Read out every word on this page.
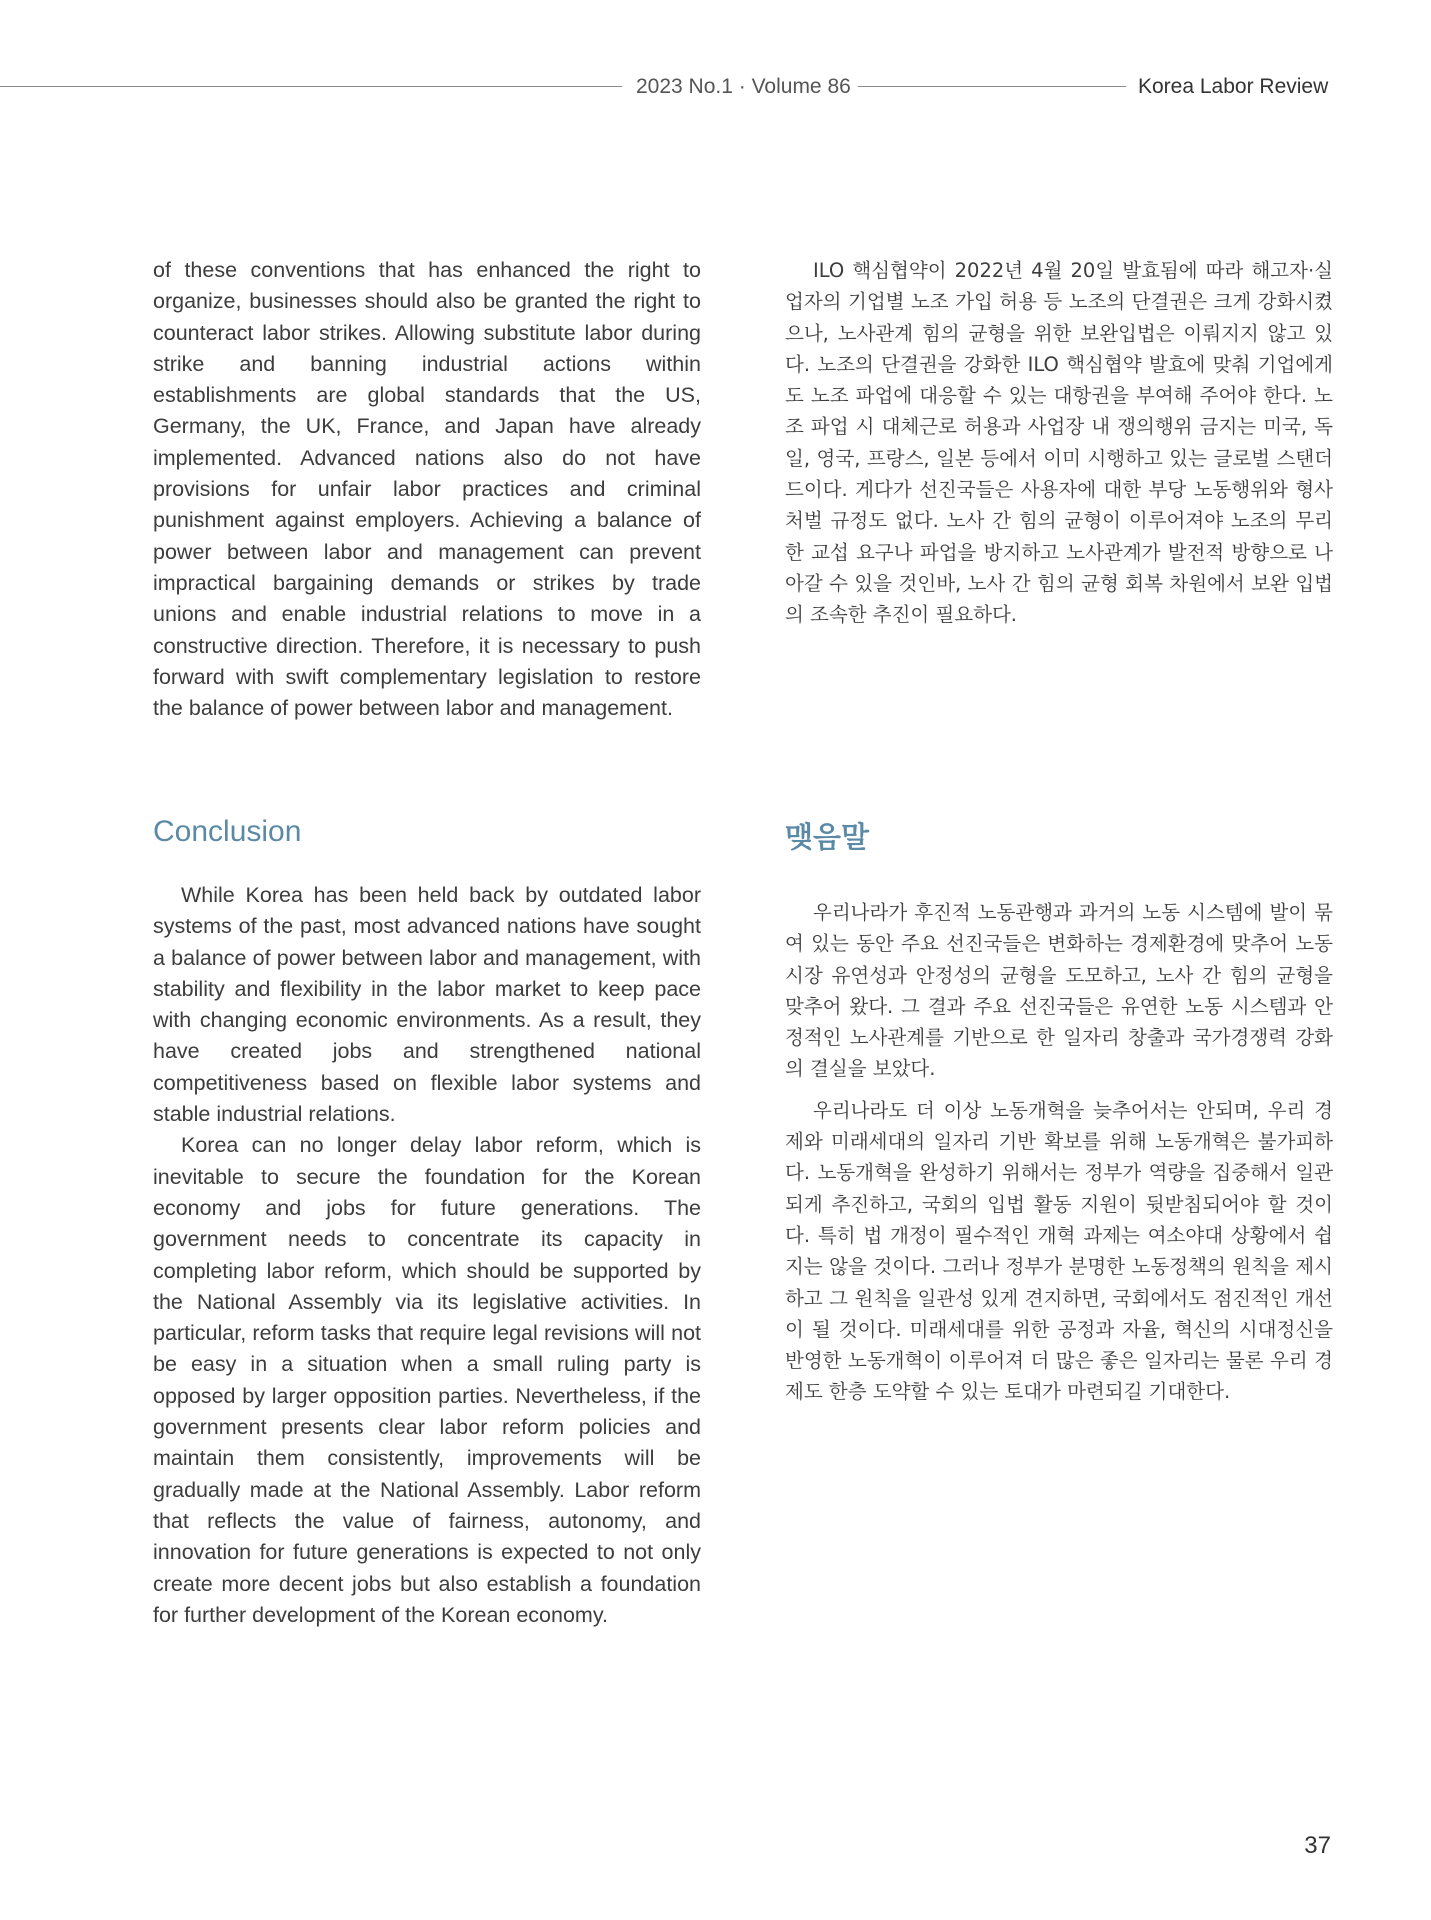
2023 No.1 · Volume 86	Korea Labor Review

of these conventions that has enhanced the right to organize, businesses should also be granted the right to counteract labor strikes. Allowing substitute labor during strike and banning industrial actions within establishments are global standards that the US, Germany, the UK, France, and Japan have already implemented. Advanced nations also do not have provisions for unfair labor practices and criminal punishment against employers. Achieving a balance of power between labor and management can prevent impractical bargaining demands or strikes by trade unions and enable industrial relations to move in a constructive direction. Therefore, it is necessary to push forward with swift complementary legislation to restore the balance of power between labor and management.

ILO 핵심협약이 2022년 4월 20일 발효됨에 따라 해고자·실업자의 기업별 노조 가입 허용 등 노조의 단결권은 크게 강화시켰으나, 노사관계 힘의 균형을 위한 보완입법은 이뤄지지 않고 있다. 노조의 단결권을 강화한 ILO 핵심협약 발효에 맞춰 기업에게도 노조 파업에 대응할 수 있는 대항권을 부여해 주어야 한다. 노조 파업 시 대체근로 허용과 사업장 내 쟁의행위 금지는 미국, 독일, 영국, 프랑스, 일본 등에서 이미 시행하고 있는 글로벌 스탠더드이다. 게다가 선진국들은 사용자에 대한 부당 노동행위와 형사처벌 규정도 없다. 노사 간 힘의 균형이 이루어져야 노조의 무리한 교섭 요구나 파업을 방지하고 노사관계가 발전적 방향으로 나아갈 수 있을 것인바, 노사 간 힘의 균형 회복 차원에서 보완 입법의 조속한 추진이 필요하다.

Conclusion	맺음말

While Korea has been held back by outdated labor systems of the past, most advanced nations have sought a balance of power between labor and management, with stability and flexibility in the labor market to keep pace with changing economic environments. As a result, they have created jobs and strengthened national competitiveness based on flexible labor systems and stable industrial relations.

Korea can no longer delay labor reform, which is inevitable to secure the foundation for the Korean economy and jobs for future generations. The government needs to concentrate its capacity in completing labor reform, which should be supported by the National Assembly via its legislative activities. In particular, reform tasks that require legal revisions will not be easy in a situation when a small ruling party is opposed by larger opposition parties. Nevertheless, if the government presents clear labor reform policies and maintain them consistently, improvements will be gradually made at the National Assembly. Labor reform that reflects the value of fairness, autonomy, and innovation for future generations is expected to not only create more decent jobs but also establish a foundation for further development of the Korean economy.

우리나라가 후진적 노동관행과 과거의 노동 시스템에 발이 묶여 있는 동안 주요 선진국들은 변화하는 경제환경에 맞추어 노동시장 유연성과 안정성의 균형을 도모하고, 노사 간 힘의 균형을 맞추어 왔다. 그 결과 주요 선진국들은 유연한 노동 시스템과 안정적인 노사관계를 기반으로 한 일자리 창출과 국가경쟁력 강화의 결실을 보았다.

우리나라도 더 이상 노동개혁을 늦추어서는 안되며, 우리 경제와 미래세대의 일자리 기반 확보를 위해 노동개혁은 불가피하다. 노동개혁을 완성하기 위해서는 정부가 역량을 집중해서 일관되게 추진하고, 국회의 입법 활동 지원이 뒷받침되어야 할 것이다. 특히 법 개정이 필수적인 개혁 과제는 여소야대 상황에서 쉽지는 않을 것이다. 그러나 정부가 분명한 노동정책의 원칙을 제시하고 그 원칙을 일관성 있게 견지하면, 국회에서도 점진적인 개선이 될 것이다. 미래세대를 위한 공정과 자율, 혁신의 시대정신을 반영한 노동개혁이 이루어져 더 많은 좋은 일자리는 물론 우리 경제도 한층 도약할 수 있는 토대가 마련되길 기대한다.

37
